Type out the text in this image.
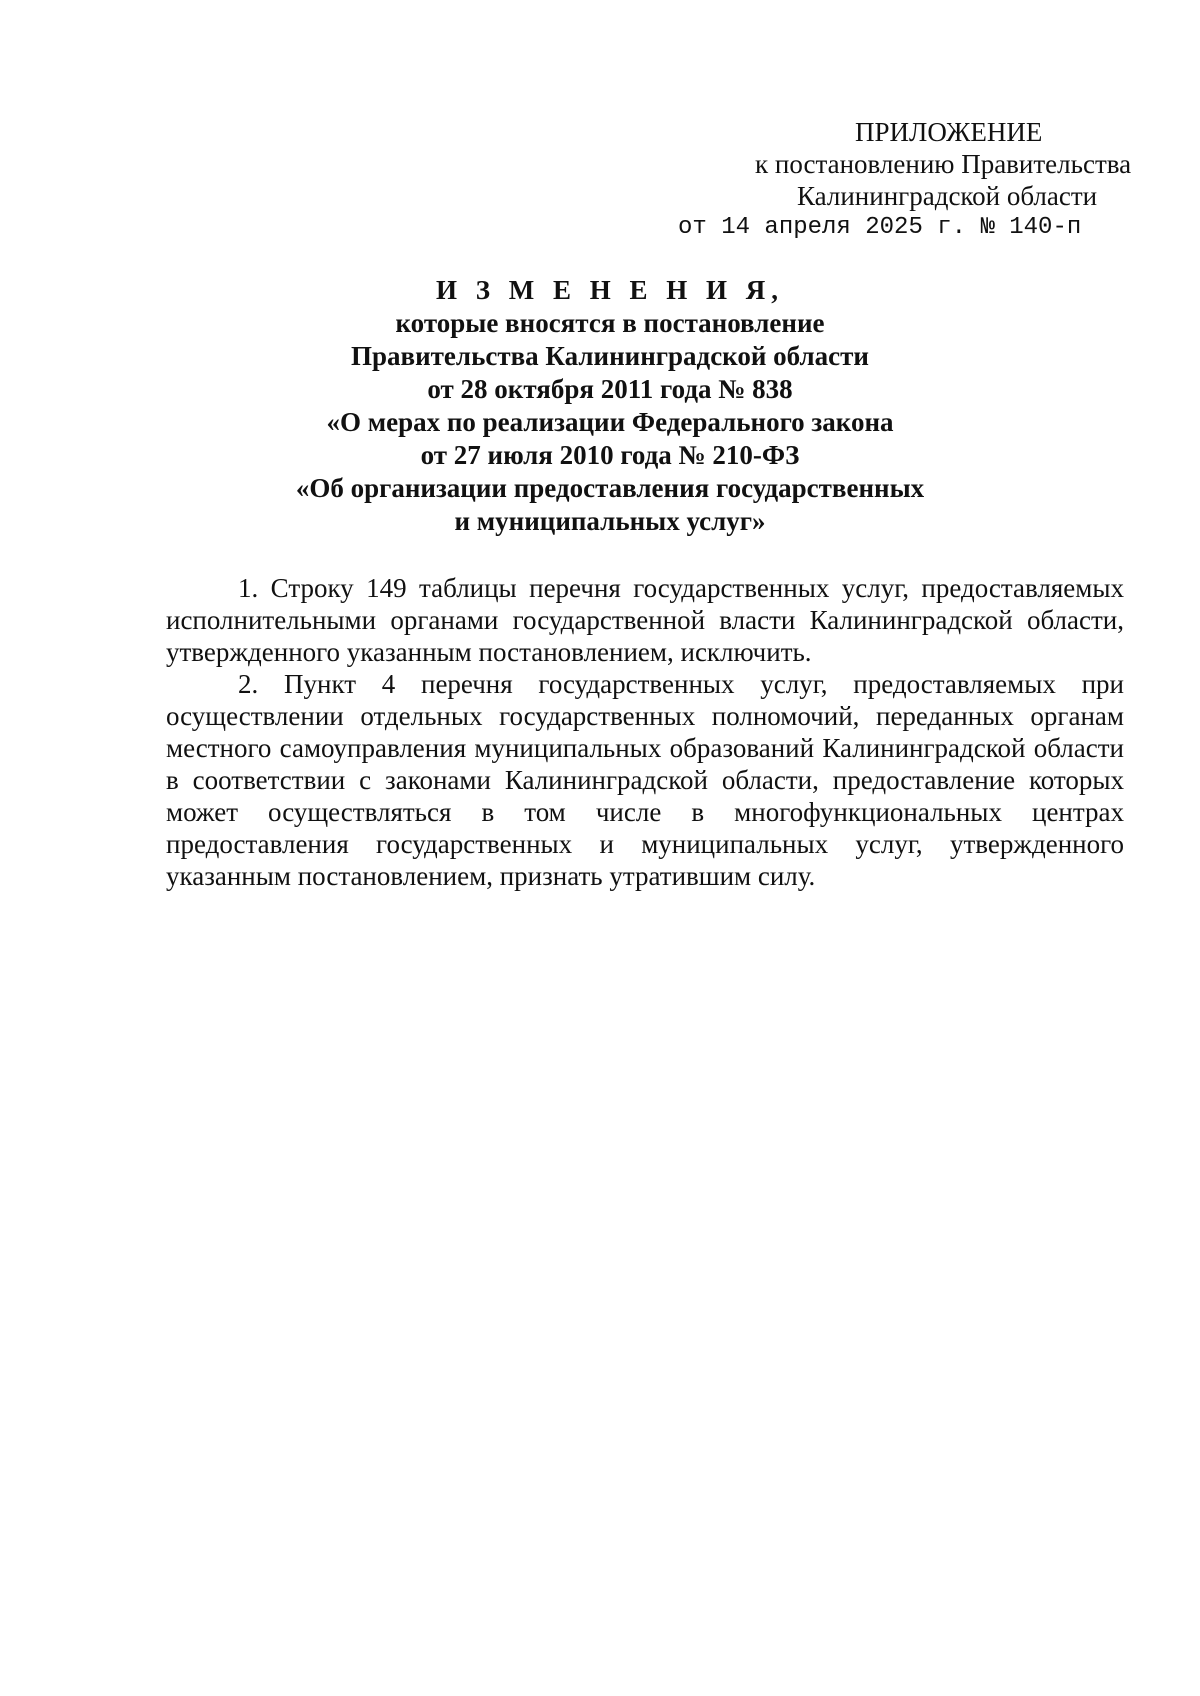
ПРИЛОЖЕНИЕ
к постановлению Правительства
Калининградской области
от 14 апреля 2025 г. № 140-п
И З М Е Н Е Н И Я,
которые вносятся в постановление
Правительства Калининградской области
от 28 октября 2011 года № 838
«О мерах по реализации Федерального закона
от 27 июля 2010 года № 210-ФЗ
«Об организации предоставления государственных
и муниципальных услуг»

1. Строку 149 таблицы перечня государственных услуг, предоставляемых исполнительными органами государственной власти Калининградской области, утвержденного указанным постановлением, исключить.

2. Пункт 4 перечня государственных услуг, предоставляемых при осуществлении отдельных государственных полномочий, переданных органам местного самоуправления муниципальных образований Калининградской области в соответствии с законами Калининградской области, предоставление которых может осуществляться в том числе в многофункциональных центрах предоставления государственных и муниципальных услуг, утвержденного указанным постановлением, признать утратившим силу.
